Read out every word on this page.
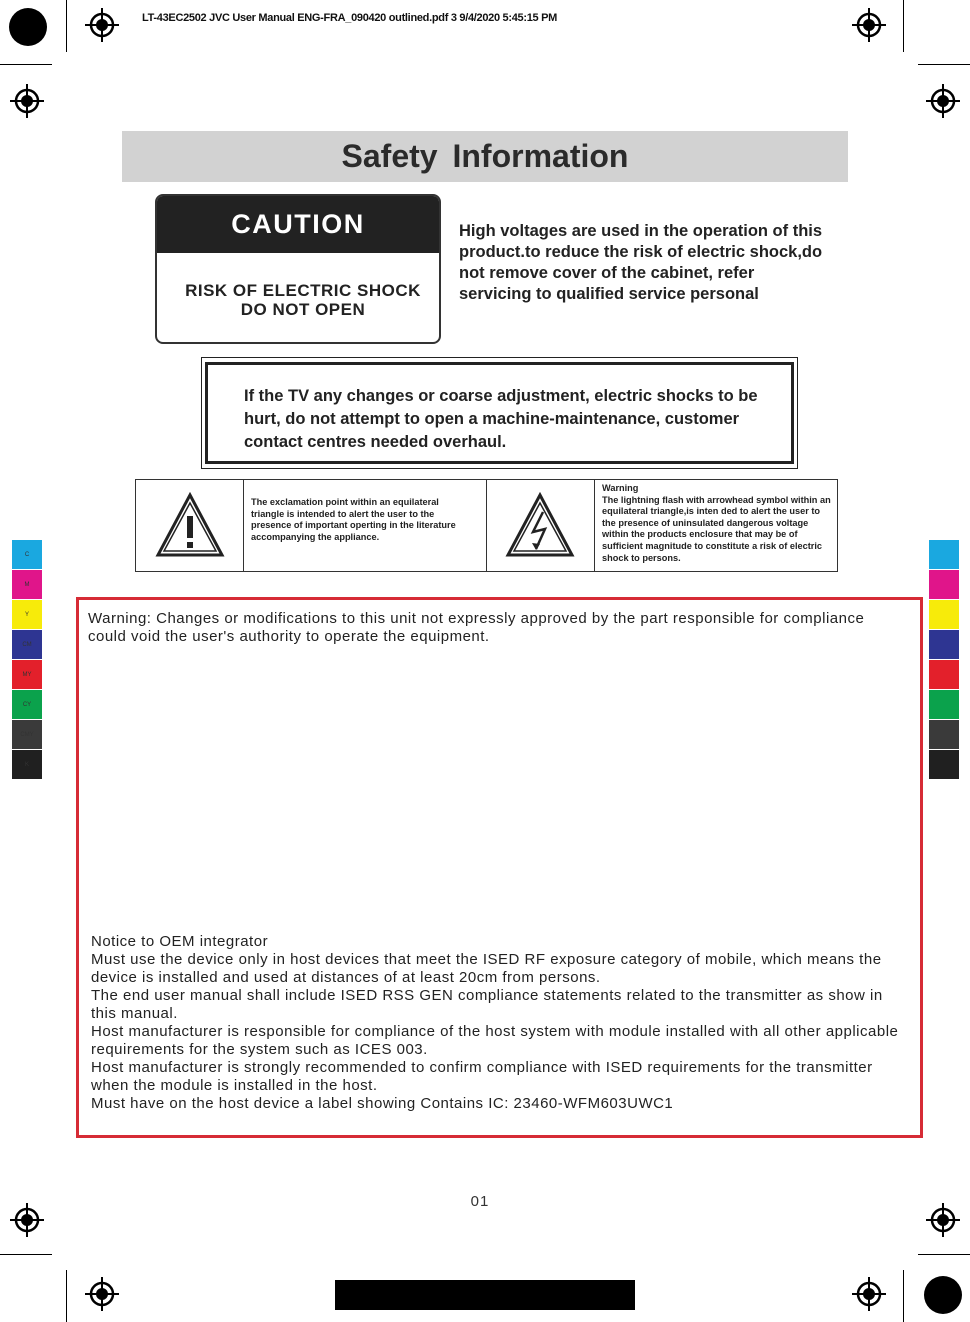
LT-43EC2502 JVC User Manual ENG-FRA_090420 outlined.pdf 3 9/4/2020 5:45:15 PM
Safety Information
CAUTION
RISK OF ELECTRIC SHOCK
DO NOT OPEN
High voltages are used in the operation of this product.to reduce the risk of electric shock,do not remove cover of the cabinet, refer servicing to qualified service personal
If the TV any changes or coarse adjustment, electric shocks to be hurt, do not attempt to open a machine-maintenance, customer contact centres needed overhaul.
The exclamation point within an equilateral triangle is intended to alert the user to the presence of important operting in the literature accompanying the appliance.
Warning
The lightning flash with arrowhead symbol within an equilateral triangle,is inten ded to alert the user to the presence of uninsulated dangerous voltage within the products enclosure that may be of sufficient magnitude to constitute a risk of electric shock to persons.
C
M
Y
CM
MY
CY
CMY
K
Warning: Changes or modifications to this unit not expressly approved by the part responsible for compliance could void the user's authority to operate the equipment.
Notice to OEM integrator
Must use the device only in host devices that meet the ISED RF exposure category of mobile, which means the device is installed and used at distances of at least 20cm from persons.
The end user manual shall include ISED RSS GEN compliance statements related to the transmitter as show in this manual.
Host manufacturer is responsible for compliance of the host system with module installed with all other applicable requirements for the system such as ICES 003.
Host manufacturer is strongly recommended to confirm compliance with ISED requirements for the transmitter when the module is installed in the host.
Must have on the host device a label showing Contains IC: 23460-WFM603UWC1
01
